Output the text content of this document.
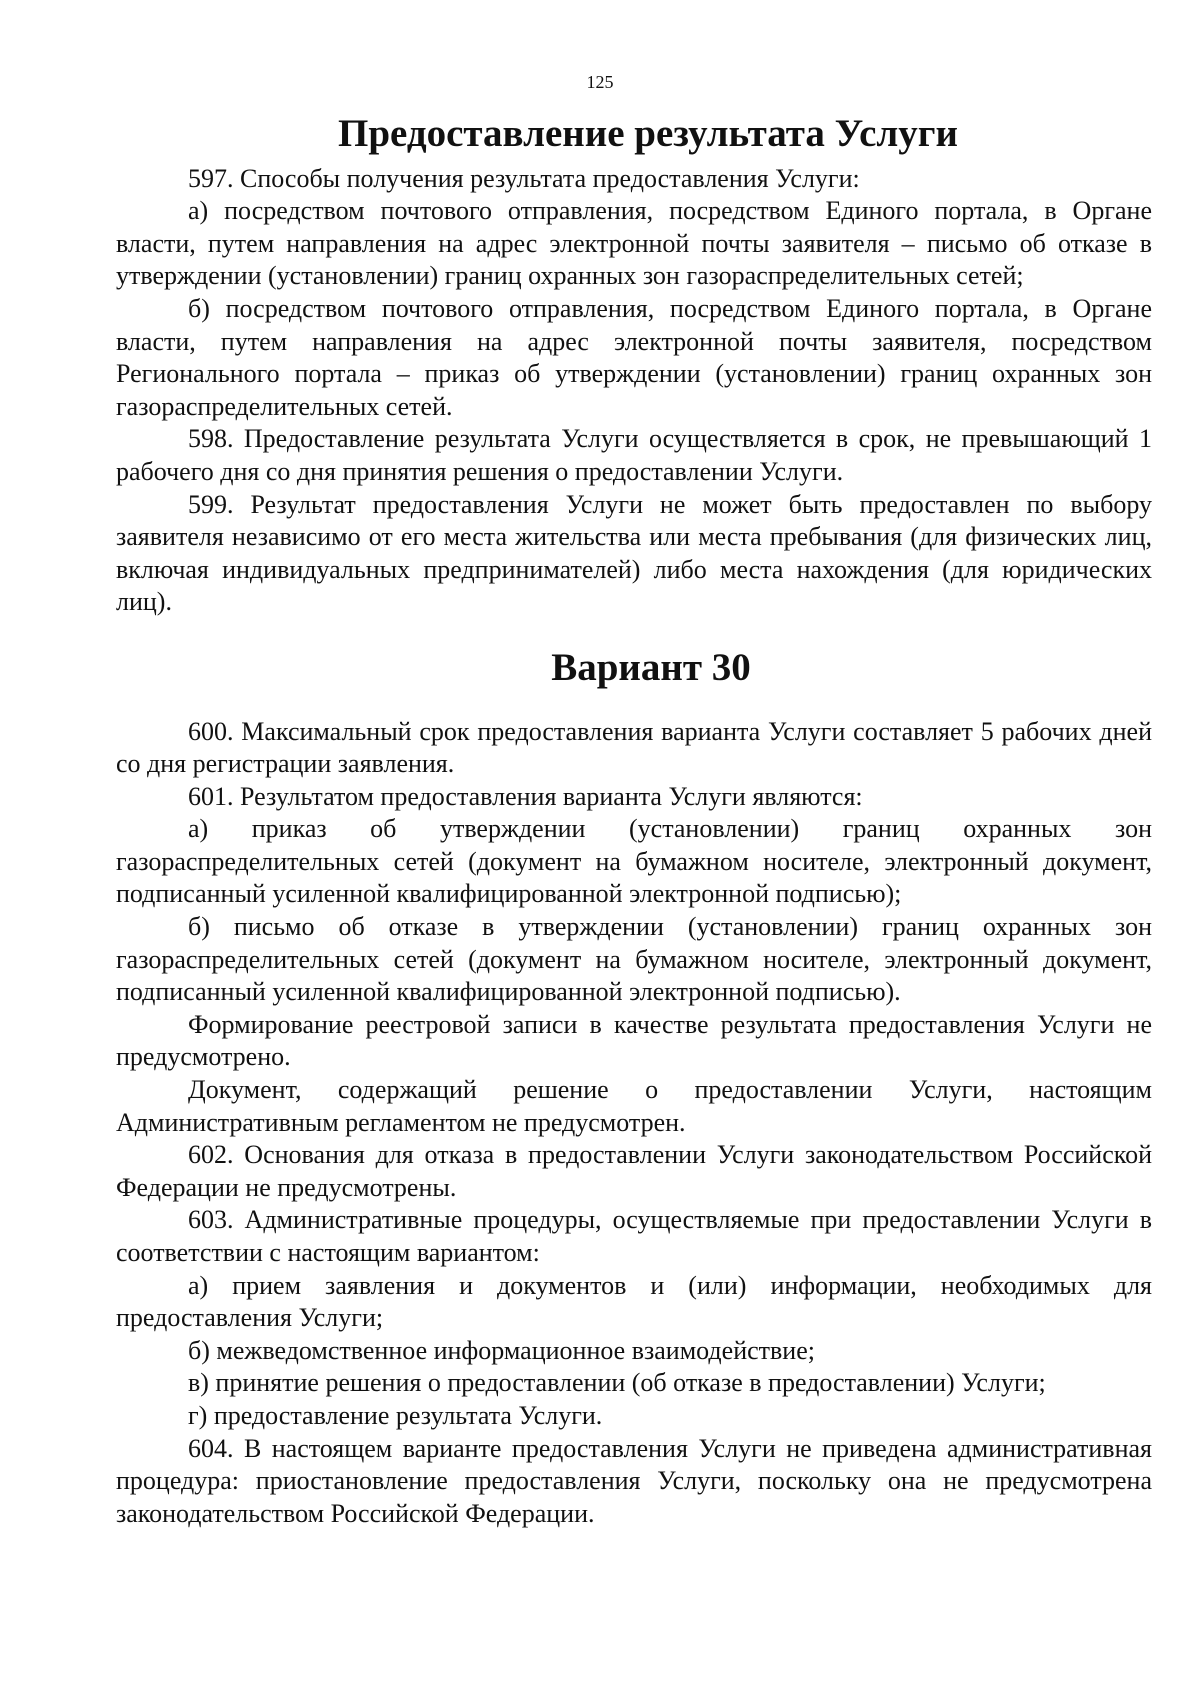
125
Предоставление результата Услуги

597. Способы получения результата предоставления Услуги:

а) посредством почтового отправления, посредством Единого портала, в Органе власти, путем направления на адрес электронной почты заявителя – письмо об отказе в утверждении (установлении) границ охранных зон газораспределительных сетей;

б) посредством почтового отправления, посредством Единого портала, в Органе власти, путем направления на адрес электронной почты заявителя, посредством Регионального портала – приказ об утверждении (установлении) границ охранных зон газораспределительных сетей.

598. Предоставление результата Услуги осуществляется в срок, не превышающий 1 рабочего дня со дня принятия решения о предоставлении Услуги.

599. Результат предоставления Услуги не может быть предоставлен по выбору заявителя независимо от его места жительства или места пребывания (для физических лиц, включая индивидуальных предпринимателей) либо места нахождения (для юридических лиц).

Вариант 30

600. Максимальный срок предоставления варианта Услуги составляет 5 рабочих дней со дня регистрации заявления.

601. Результатом предоставления варианта Услуги являются:

а) приказ об утверждении (установлении) границ охранных зон газораспределительных сетей (документ на бумажном носителе, электронный документ, подписанный усиленной квалифицированной электронной подписью);

б) письмо об отказе в утверждении (установлении) границ охранных зон газораспределительных сетей (документ на бумажном носителе, электронный документ, подписанный усиленной квалифицированной электронной подписью).

Формирование реестровой записи в качестве результата предоставления Услуги не предусмотрено.

Документ, содержащий решение о предоставлении Услуги, настоящим Административным регламентом не предусмотрен.

602. Основания для отказа в предоставлении Услуги законодательством Российской Федерации не предусмотрены.

603. Административные процедуры, осуществляемые при предоставлении Услуги в соответствии с настоящим вариантом:

а) прием заявления и документов и (или) информации, необходимых для предоставления Услуги;

б) межведомственное информационное взаимодействие;

в) принятие решения о предоставлении (об отказе в предоставлении) Услуги;

г) предоставление результата Услуги.

604. В настоящем варианте предоставления Услуги не приведена административная процедура: приостановление предоставления Услуги, поскольку она не предусмотрена законодательством Российской Федерации.
